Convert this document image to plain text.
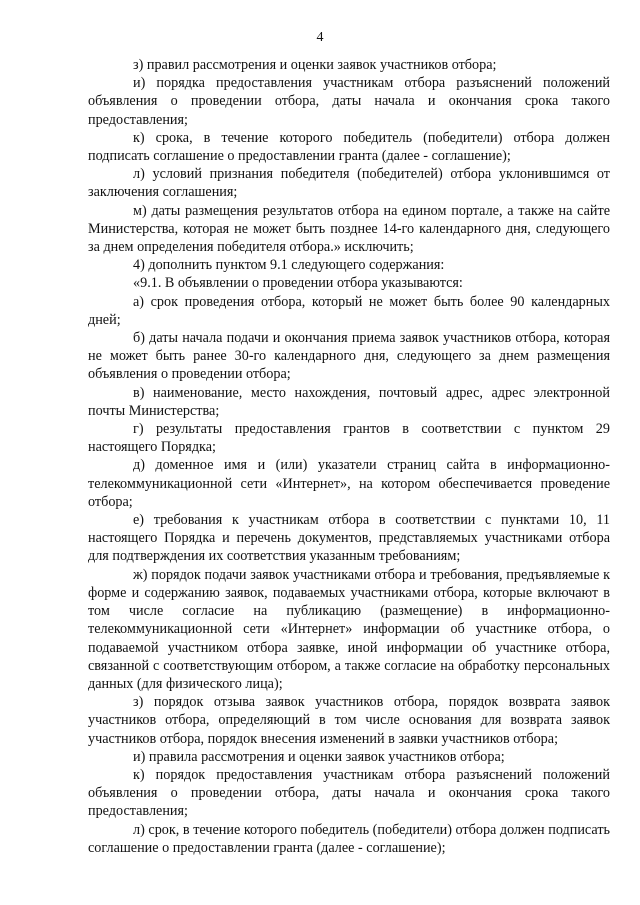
4

з) правил рассмотрения и оценки заявок участников отбора;

и) порядка предоставления участникам отбора разъяснений положений объявления о проведении отбора, даты начала и окончания срока такого предоставления;

к) срока, в течение которого победитель (победители) отбора должен подписать соглашение о предоставлении гранта (далее - соглашение);

л) условий признания победителя (победителей) отбора уклонившимся от заключения соглашения;

м) даты размещения результатов отбора на едином портале, а также на сайте Министерства, которая не может быть позднее 14-го календарного дня, следующего за днем определения победителя отбора.» исключить;

4) дополнить пунктом 9.1 следующего содержания:

«9.1. В объявлении о проведении отбора указываются:

а) срок проведения отбора, который не может быть более 90 календарных дней;

б) даты начала подачи и окончания приема заявок участников отбора, которая не может быть ранее 30-го календарного дня, следующего за днем размещения объявления о проведении отбора;

в) наименование, место нахождения, почтовый адрес, адрес электронной почты Министерства;

г) результаты предоставления грантов в соответствии с пунктом 29 настоящего Порядка;

д) доменное имя и (или) указатели страниц сайта в информационно-телекоммуникационной сети «Интернет», на котором обеспечивается проведение отбора;

е) требования к участникам отбора в соответствии с пунктами 10, 11 настоящего Порядка и перечень документов, представляемых участниками отбора для подтверждения их соответствия указанным требованиям;

ж) порядок подачи заявок участниками отбора и требования, предъявляемые к форме и содержанию заявок, подаваемых участниками отбора, которые включают в том числе согласие на публикацию (размещение) в информационно-телекоммуникационной сети «Интернет» информации об участнике отбора, о подаваемой участником отбора заявке, иной информации об участнике отбора, связанной с соответствующим отбором, а также согласие на обработку персональных данных (для физического лица);

з) порядок отзыва заявок участников отбора, порядок возврата заявок участников отбора, определяющий в том числе основания для возврата заявок участников отбора, порядок внесения изменений в заявки участников отбора;

и) правила рассмотрения и оценки заявок участников отбора;

к) порядок предоставления участникам отбора разъяснений положений объявления о проведении отбора, даты начала и окончания срока такого предоставления;

л) срок, в течение которого победитель (победители) отбора должен подписать соглашение о предоставлении гранта (далее - соглашение);
